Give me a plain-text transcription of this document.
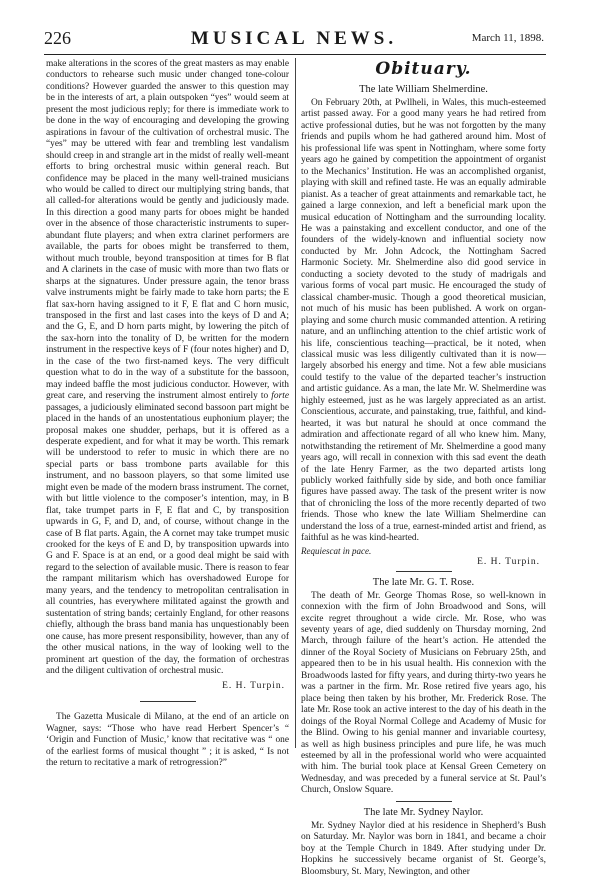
226	MUSICAL NEWS.	March 11, 1898.

make alterations in the scores of the great masters as may enable conductors to rehearse such music under changed tone-colour conditions? However guarded the answer to this question may be in the interests of art, a plain outspoken “yes” would seem at present the most judicious reply; for there is immediate work to be done in the way of encouraging and developing the growing aspirations in favour of the cultivation of orchestral music. The “yes” may be uttered with fear and trembling lest vandalism should creep in and strangle art in the midst of really well-meant efforts to bring orchestral music within general reach. But confidence may be placed in the many well-trained musicians who would be called to direct our multiplying string bands, that all called-for alterations would be gently and judiciously made. In this direction a good many parts for oboes might be handed over in the absence of those characteristic instruments to super-abundant flute players; and when extra clarinet performers are available, the parts for oboes might be transferred to them, without much trouble, beyond transposition at times for B flat and A clarinets in the case of music with more than two flats or sharps at the signatures. Under pressure again, the tenor brass valve instruments might be fairly made to take horn parts; the E flat sax-horn having assigned to it F, E flat and C horn music, transposed in the first and last cases into the keys of D and A; and the G, E, and D horn parts might, by lowering the pitch of the sax-horn into the tonality of D, be written for the modern instrument in the respective keys of F (four notes higher) and D, in the case of the two first-named keys. The very difficult question what to do in the way of a substitute for the bassoon, may indeed baffle the most judicious conductor. However, with great care, and reserving the instrument almost entirely to forte passages, a judiciously eliminated second bassoon part might be placed in the hands of an unostentatious euphonium player; the proposal makes one shudder, perhaps, but it is offered as a desperate expedient, and for what it may be worth. This remark will be understood to refer to music in which there are no special parts or bass trombone parts available for this instrument, and no bassoon players, so that some limited use might even be made of the modern brass instrument. The cornet, with but little violence to the composer’s intention, may, in B flat, take trumpet parts in F, E flat and C, by transposition upwards in G, F, and D, and, of course, without change in the case of B flat parts. Again, the A cornet may take trumpet music crooked for the keys of E and D, by transposition upwards into G and F. Space is at an end, or a good deal might be said with regard to the selection of available music. There is reason to fear the rampant militarism which has overshadowed Europe for many years, and the tendency to metropolitan centralisation in all countries, has everywhere militated against the growth and sustentation of string bands; certainly England, for other reasons chiefly, although the brass band mania has unquestionably been one cause, has more present responsibility, however, than any of the other musical nations, in the way of looking well to the prominent art question of the day, the formation of orchestras and the diligent cultivation of orchestral music.

E. H. Turpin.

The Gazetta Musicale di Milano, at the end of an article on Wagner, says: “Those who have read Herbert Spencer’s “ ‘Origin and Function of Music,’ know that recitative was “ one of the earliest forms of musical thought ” ; it is asked, “ Is not the return to recitative a mark of retrogression?”

Obituary.
The late William Shelmerdine.

On February 20th, at Pwllheli, in Wales, this much-esteemed artist passed away. For a good many years he had retired from active professional duties, but he was not forgotten by the many friends and pupils whom he had gathered around him. Most of his professional life was spent in Nottingham, where some forty years ago he gained by competition the appointment of organist to the Mechanics’ Institution. He was an accomplished organist, playing with skill and refined taste. He was an equally admirable pianist. As a teacher of great attainments and remarkable tact, he gained a large connexion, and left a beneficial mark upon the musical education of Nottingham and the surrounding locality. He was a painstaking and excellent conductor, and one of the founders of the widely-known and influential society now conducted by Mr. John Adcock, the Nottingham Sacred Harmonic Society. Mr. Shelmerdine also did good service in conducting a society devoted to the study of madrigals and various forms of vocal part music. He encouraged the study of classical chamber-music. Though a good theoretical musician, not much of his music has been published. A work on organ-playing and some church music commanded attention. A retiring nature, and an unflinching attention to the chief artistic work of his life, conscientious teaching—practical, be it noted, when classical music was less diligently cultivated than it is now—largely absorbed his energy and time. Not a few able musicians could testify to the value of the departed teacher’s instruction and artistic guidance. As a man, the late Mr. W. Shelmerdine was highly esteemed, just as he was largely appreciated as an artist. Conscientious, accurate, and painstaking, true, faithful, and kind-hearted, it was but natural he should at once command the admiration and affectionate regard of all who knew him. Many, notwithstanding the retirement of Mr. Shelmerdine a good many years ago, will recall in connexion with this sad event the death of the late Henry Farmer, as the two departed artists long publicly worked faithfully side by side, and both once familiar figures have passed away. The task of the present writer is now that of chronicling the loss of the more recently departed of two friends. Those who knew the late William Shelmerdine can understand the loss of a true, earnest-minded artist and friend, as faithful as he was kind-hearted.

Requiescat in pace.
E. H. Turpin.
The late Mr. G. T. Rose.

The death of Mr. George Thomas Rose, so well-known in connexion with the firm of John Broadwood and Sons, will excite regret throughout a wide circle. Mr. Rose, who was seventy years of age, died suddenly on Thursday morning, 2nd March, through failure of the heart’s action. He attended the dinner of the Royal Society of Musicians on February 25th, and appeared then to be in his usual health. His connexion with the Broadwoods lasted for fifty years, and during thirty-two years he was a partner in the firm. Mr. Rose retired five years ago, his place being then taken by his brother, Mr. Frederick Rose. The late Mr. Rose took an active interest to the day of his death in the doings of the Royal Normal College and Academy of Music for the Blind. Owing to his genial manner and invariable courtesy, as well as high business principles and pure life, he was much esteemed by all in the professional world who were acquainted with him. The burial took place at Kensal Green Cemetery on Wednesday, and was preceded by a funeral service at St. Paul’s Church, Onslow Square.

The late Mr. Sydney Naylor.

Mr. Sydney Naylor died at his residence in Shepherd’s Bush on Saturday. Mr. Naylor was born in 1841, and became a choir boy at the Temple Church in 1849. After studying under Dr. Hopkins he successively became organist of St. George’s, Bloomsbury, St. Mary, Newington, and other
